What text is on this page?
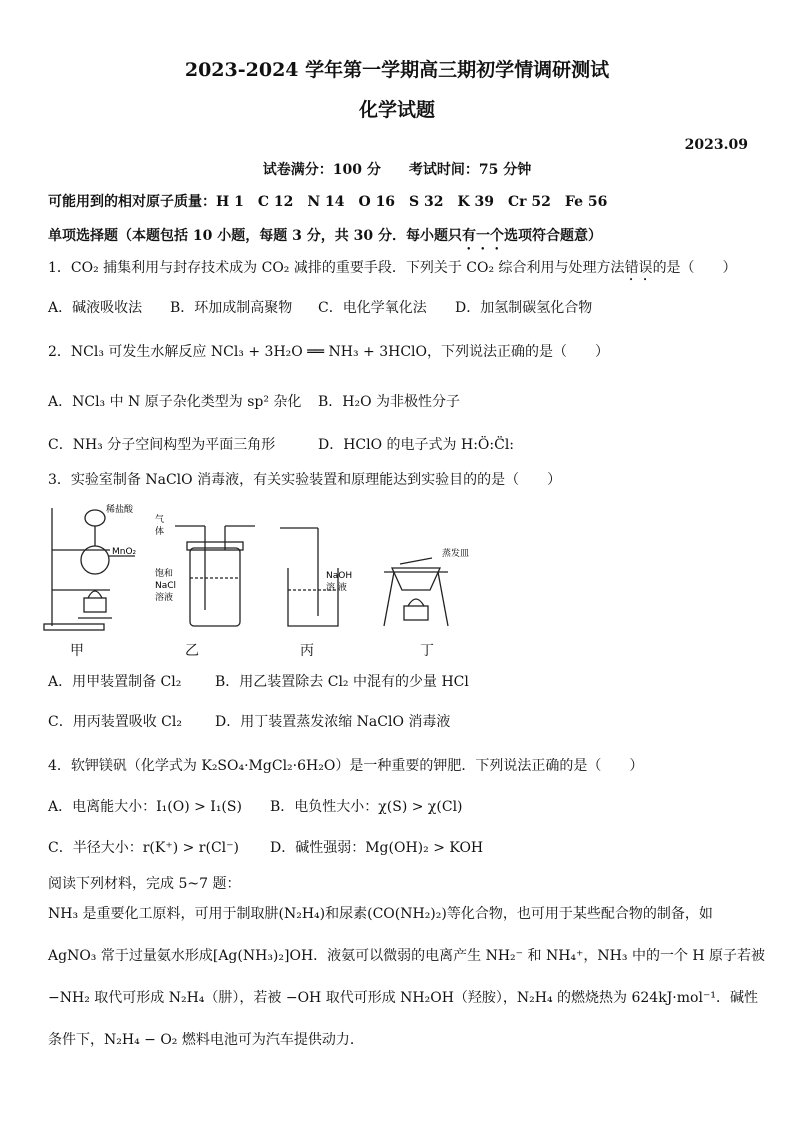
2023-2024 学年第一学期高三期初学情调研测试
化学试题
2023.09
试卷满分：100 分　　考试时间：75 分钟
可能用到的相对原子质量：H 1　C 12　N 14　O 16　S 32　K 39　Cr 52　Fe 56
单项选择题（本题包括 10 小题，每题 3 分，共 30 分．每小题只有一个选项符合题意）
1．CO₂ 捕集利用与封存技术成为 CO₂ 减排的重要手段．下列关于 CO₂ 综合利用与处理方法错误的是（　　）
A．碱液吸收法 B．环加成制高聚物 C．电化学氧化法 D．加氢制碳氢化合物
2．NCl₃ 可发生水解反应 NCl₃ + 3H₂O ══ NH₃ + 3HClO，下列说法正确的是（　　）
A．NCl₃ 中 N 原子杂化类型为 sp² 杂化 B．H₂O 为非极性分子
C．NH₃ 分子空间构型为平面三角形	D．HClO 的电子式为 H:Ö:C̈l:
3．实验室制备 NaClO 消毒液，有关实验装置和原理能达到实验目的的是（　　）
稀盐酸
MnO₂
气
体
饱和
NaCl
溶液
NaOH
溶 液
蒸发皿
甲	乙	丙	丁
A．用甲装置制备 Cl₂ B．用乙装置除去 Cl₂ 中混有的少量 HCl
C．用丙装置吸收 Cl₂ D．用丁装置蒸发浓缩 NaClO 消毒液
4．软钾镁矾（化学式为 K₂SO₄·MgCl₂·6H₂O）是一种重要的钾肥．下列说法正确的是（　　）
A．电离能大小：I₁(O) > I₁(S) B．电负性大小：χ(S) > χ(Cl)
C．半径大小：r(K⁺) > r(Cl⁻) D．碱性强弱：Mg(OH)₂ > KOH
阅读下列材料，完成 5~7 题：
NH₃ 是重要化工原料，可用于制取肼(N₂H₄)和尿素(CO(NH₂)₂)等化合物，也可用于某些配合物的制备，如
AgNO₃ 常于过量氨水形成[Ag(NH₃)₂]OH．液氨可以微弱的电离产生 NH₂⁻ 和 NH₄⁺，NH₃ 中的一个 H 原子若被
−NH₂ 取代可形成 N₂H₄（肼），若被 −OH 取代可形成 NH₂OH（羟胺），N₂H₄ 的燃烧热为 624kJ·mol⁻¹．碱性
条件下，N₂H₄ − O₂ 燃料电池可为汽车提供动力．
